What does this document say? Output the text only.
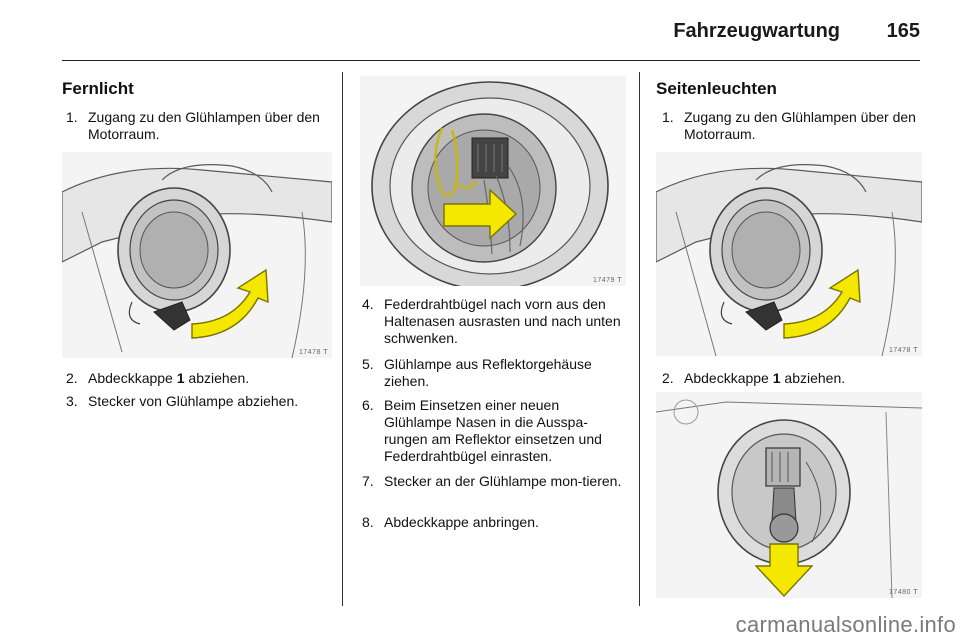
Fahrzeugwartung	165
Fernlicht
1. Zugang zu den Glühlampen über den Motorraum.
17478 T
2. Abdeckkappe 1 abziehen.
3. Stecker von Glühlampe abziehen.
17479 T
4. Federdrahtbügel nach vorn aus den Haltenasen ausrasten und nach unten schwenken.
5. Glühlampe aus Reflektorgehäuse ziehen.
6. Beim Einsetzen einer neuen Glühlampe Nasen in die Ausspa-rungen am Reflektor einsetzen und Federdrahtbügel einrasten.
7. Stecker an der Glühlampe mon-tieren.
8. Abdeckkappe anbringen.
Seitenleuchten
1. Zugang zu den Glühlampen über den Motorraum.
17478 T
2. Abdeckkappe 1 abziehen.
17480 T
carmanualsonline.info
